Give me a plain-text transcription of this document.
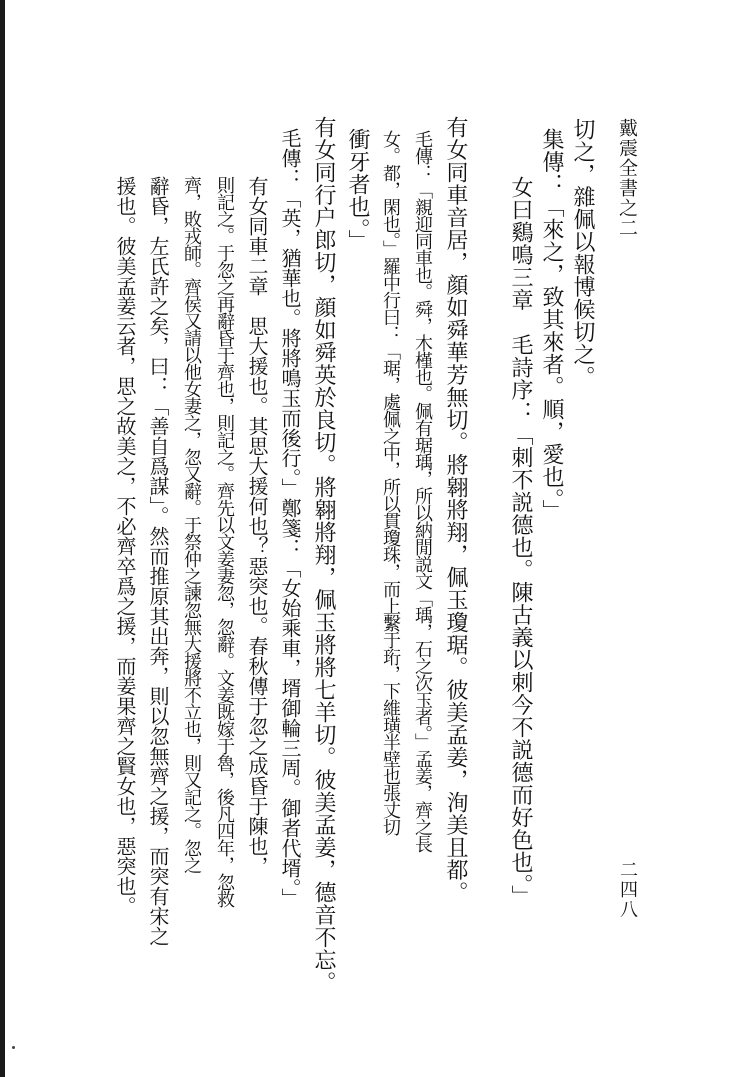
戴震全書之二
二四八
切之，雜佩以報博候切之。
集傳：「來之，致其來者。順，愛也。」
女曰鷄鳴三章　毛詩序：「刺不説德也。陳古義以刺今不説德而好色也。」
有女同車音居，顔如舜華芳無切。將翱將翔，佩玉瓊琚。彼美孟姜，洵美且都。
毛傳：「親迎同車也。舜，木槿也。佩有琚瑀，所以納閒説文「瑀，石之次玉者。」孟姜，齊之長
女。都，閑也。」羅中行曰：「琚，處佩之中，所以貫瓊珠，而上繫于珩，下維璜半壁也張丈切
衝牙者也。」
有女同行户郎切，顔如舜英於良切。將翱將翔，佩玉將將七羊切。彼美孟姜，德音不忘。
毛傳：「英，猶華也。將將鳴玉而後行。」鄭箋：「女始乘車，壻御輪三周。御者代壻。」
有女同車二章　思大援也。其思大援何也？惡突也。春秋傳于忽之成昏于陳也，
則記之。于忽之再辭昏于齊也，則記之。齊先以文姜妻忽，忽辭。文姜既嫁于魯，後凡四年，忽救
齊，敗戎師。齊侯又請以他女妻之，忽又辭。于祭仲之諫忽無大援將不立也，則又記之。忽之
辭昏，左氏許之矣，曰：「善自爲謀」。然而推原其出奔，則以忽無齊之援，而突有宋之
援也。彼美孟姜云者，思之故美之，不必齊卒爲之援，而姜果齊之賢女也，惡突也。
